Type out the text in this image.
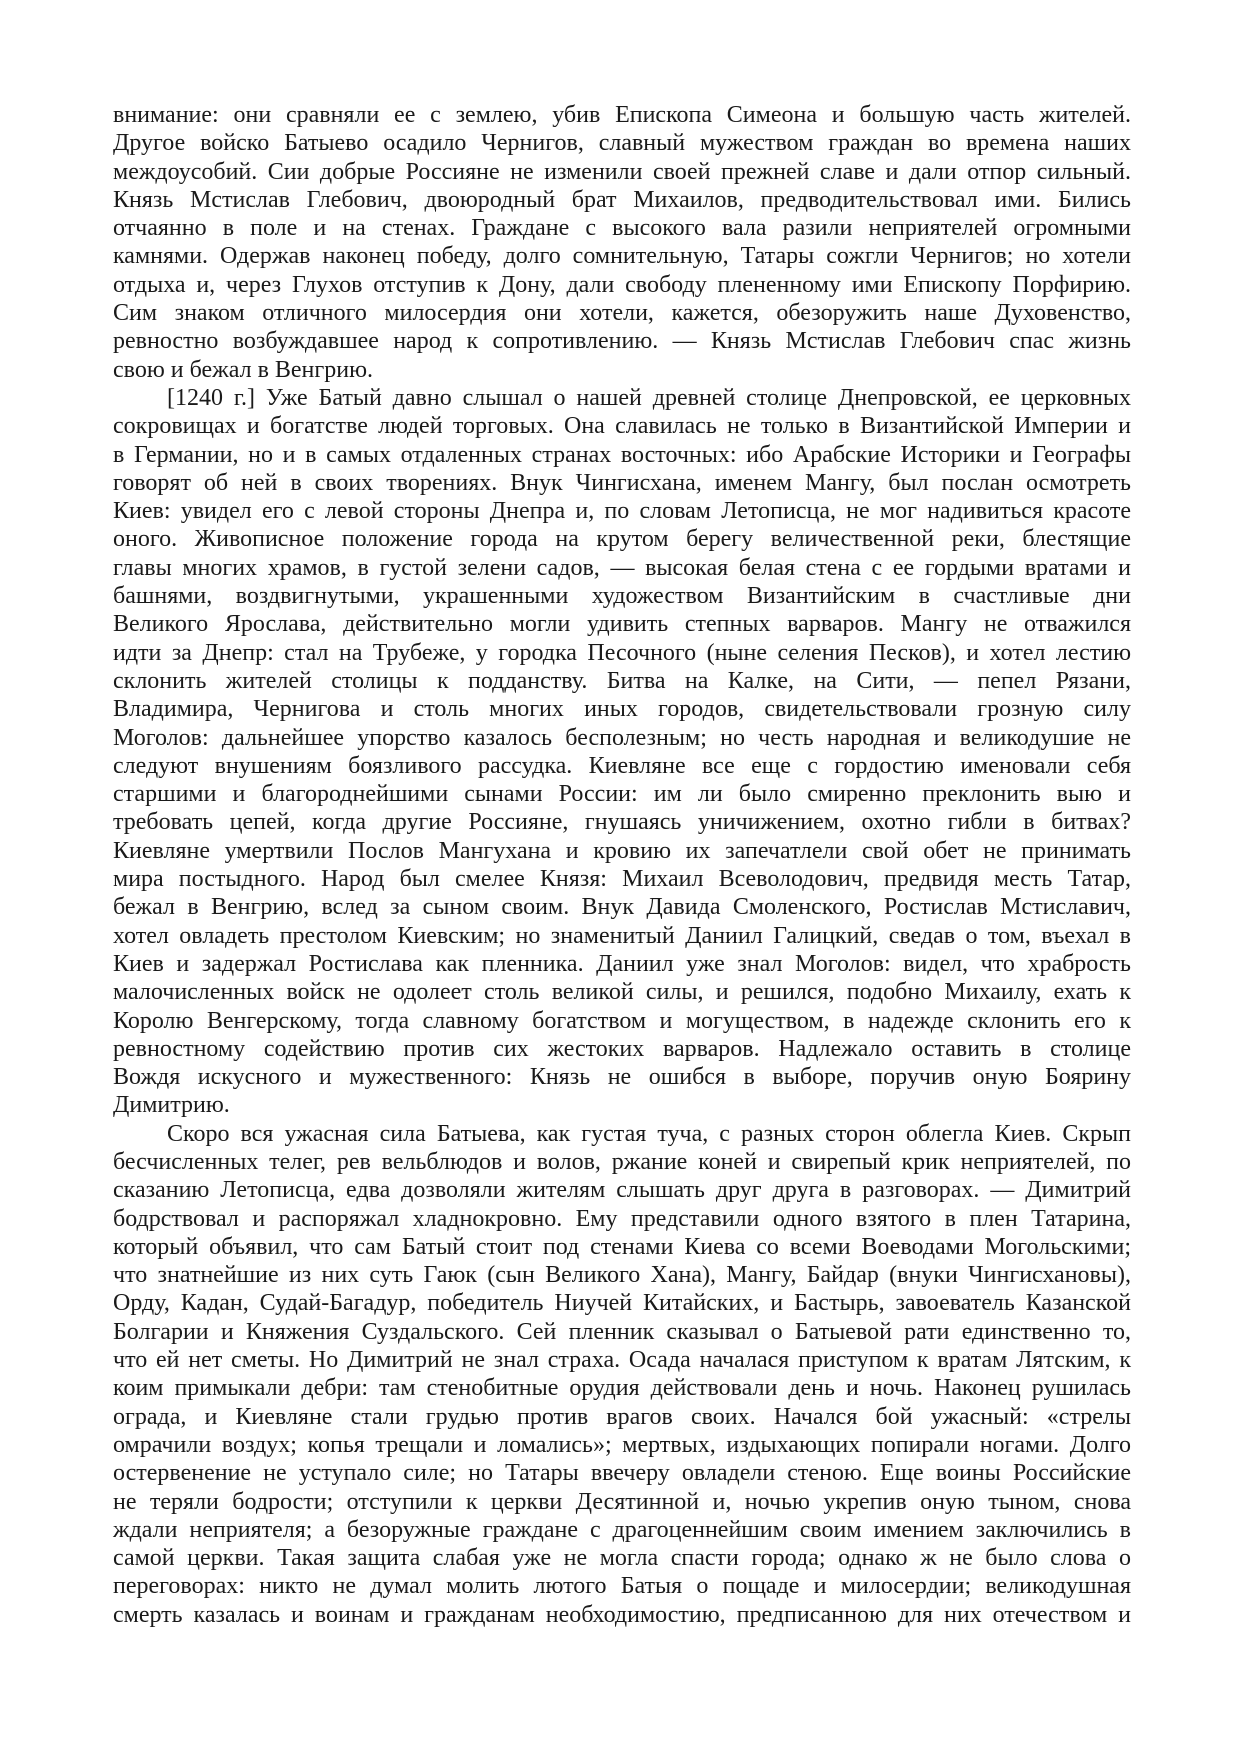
внимание: они сравняли ее с землею, убив Епископа Симеона и большую часть жителей.
Другое войско Батыево осадило Чернигов, славный мужеством граждан во времена наших
междоусобий. Сии добрые Россияне не изменили своей прежней славе и дали отпор сильный.
Князь Мстислав Глебович, двоюродный брат Михаилов, предводительствовал ими. Бились
отчаянно в поле и на стенах. Граждане с высокого вала разили неприятелей огромными
камнями. Одержав наконец победу, долго сомнительную, Татары сожгли Чернигов; но хотели
отдыха и, через Глухов отступив к Дону, дали свободу плененному ими Епископу Порфирию.
Сим знаком отличного милосердия они хотели, кажется, обезоружить наше Духовенство,
ревностно возбуждавшее народ к сопротивлению. — Князь Мстислав Глебович спас жизнь
свою и бежал в Венгрию.
[1240 г.] Уже Батый давно слышал о нашей древней столице Днепровской, ее церковных
сокровищах и богатстве людей торговых. Она славилась не только в Византийской Империи и
в Германии, но и в самых отдаленных странах восточных: ибо Арабские Историки и Географы
говорят об ней в своих творениях. Внук Чингисхана, именем Мангу, был послан осмотреть
Киев: увидел его с левой стороны Днепра и, по словам Летописца, не мог надивиться красоте
оного. Живописное положение города на крутом берегу величественной реки, блестящие
главы многих храмов, в густой зелени садов, — высокая белая стена с ее гордыми вратами и
башнями, воздвигнутыми, украшенными художеством Византийским в счастливые дни
Великого Ярослава, действительно могли удивить степных варваров. Мангу не отважился
идти за Днепр: стал на Трубеже, у городка Песочного (ныне селения Песков), и хотел лестию
склонить жителей столицы к подданству. Битва на Калке, на Сити, — пепел Рязани,
Владимира, Чернигова и столь многих иных городов, свидетельствовали грозную силу
Моголов: дальнейшее упорство казалось бесполезным; но честь народная и великодушие не
следуют внушениям боязливого рассудка. Киевляне все еще с гордостию именовали себя
старшими и благороднейшими сынами России: им ли было смиренно преклонить выю и
требовать цепей, когда другие Россияне, гнушаясь уничижением, охотно гибли в битвах?
Киевляне умертвили Послов Мангухана и кровию их запечатлели свой обет не принимать
мира постыдного. Народ был смелее Князя: Михаил Всеволодович, предвидя месть Татар,
бежал в Венгрию, вслед за сыном своим. Внук Давида Смоленского, Ростислав Мстиславич,
хотел овладеть престолом Киевским; но знаменитый Даниил Галицкий, сведав о том, въехал в
Киев и задержал Ростислава как пленника. Даниил уже знал Моголов: видел, что храбрость
малочисленных войск не одолеет столь великой силы, и решился, подобно Михаилу, ехать к
Королю Венгерскому, тогда славному богатством и могуществом, в надежде склонить его к
ревностному содействию против сих жестоких варваров. Надлежало оставить в столице
Вождя искусного и мужественного: Князь не ошибся в выборе, поручив оную Боярину
Димитрию.
Скоро вся ужасная сила Батыева, как густая туча, с разных сторон облегла Киев. Скрып
бесчисленных телег, рев вельблюдов и волов, ржание коней и свирепый крик неприятелей, по
сказанию Летописца, едва дозволяли жителям слышать друг друга в разговорах. — Димитрий
бодрствовал и распоряжал хладнокровно. Ему представили одного взятого в плен Татарина,
который объявил, что сам Батый стоит под стенами Киева со всеми Воеводами Могольскими;
что знатнейшие из них суть Гаюк (сын Великого Хана), Мангу, Байдар (внуки Чингисхановы),
Орду, Кадан, Судай-Багадур, победитель Ниучей Китайских, и Бастырь, завоеватель Казанской
Болгарии и Княжения Суздальского. Сей пленник сказывал о Батыевой рати единственно то,
что ей нет сметы. Но Димитрий не знал страха. Осада началася приступом к вратам Лятским, к
коим примыкали дебри: там стенобитные орудия действовали день и ночь. Наконец рушилась
ограда, и Киевляне стали грудью против врагов своих. Начался бой ужасный: «стрелы
омрачили воздух; копья трещали и ломались»; мертвых, издыхающих попирали ногами. Долго
остервенение не уступало силе; но Татары ввечеру овладели стеною. Еще воины Российские
не теряли бодрости; отступили к церкви Десятинной и, ночью укрепив оную тыном, снова
ждали неприятеля; а безоружные граждане с драгоценнейшим своим имением заключились в
самой церкви. Такая защита слабая уже не могла спасти города; однако ж не было слова о
переговорах: никто не думал молить лютого Батыя о пощаде и милосердии; великодушная
смерть казалась и воинам и гражданам необходимостию, предписанною для них отечеством и
